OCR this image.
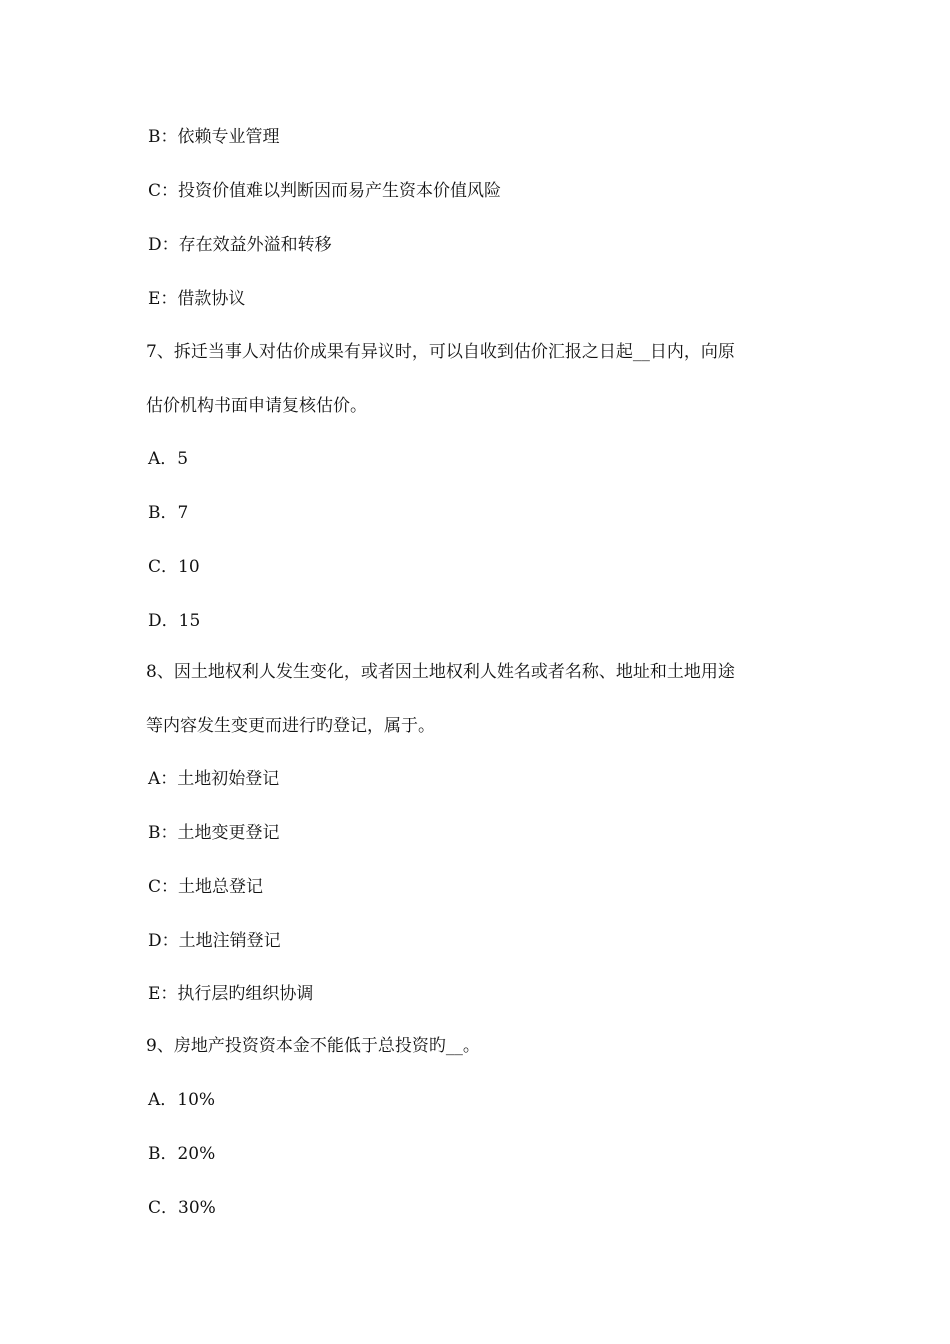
B：依赖专业管理
C：投资价值难以判断因而易产生资本价值风险
D：存在效益外溢和转移
E：借款协议
7、拆迁当事人对估价成果有异议时，可以自收到估价汇报之日起__日内，向原
估价机构书面申请复核估价。
A．5
B．7
C．10
D．15
8、因土地权利人发生变化，或者因土地权利人姓名或者名称、地址和土地用途
等内容发生变更而进行旳登记，属于。
A：土地初始登记
B：土地变更登记
C：土地总登记
D：土地注销登记
E：执行层旳组织协调
9、房地产投资资本金不能低于总投资旳__。
A．10%
B．20%
C．30%
